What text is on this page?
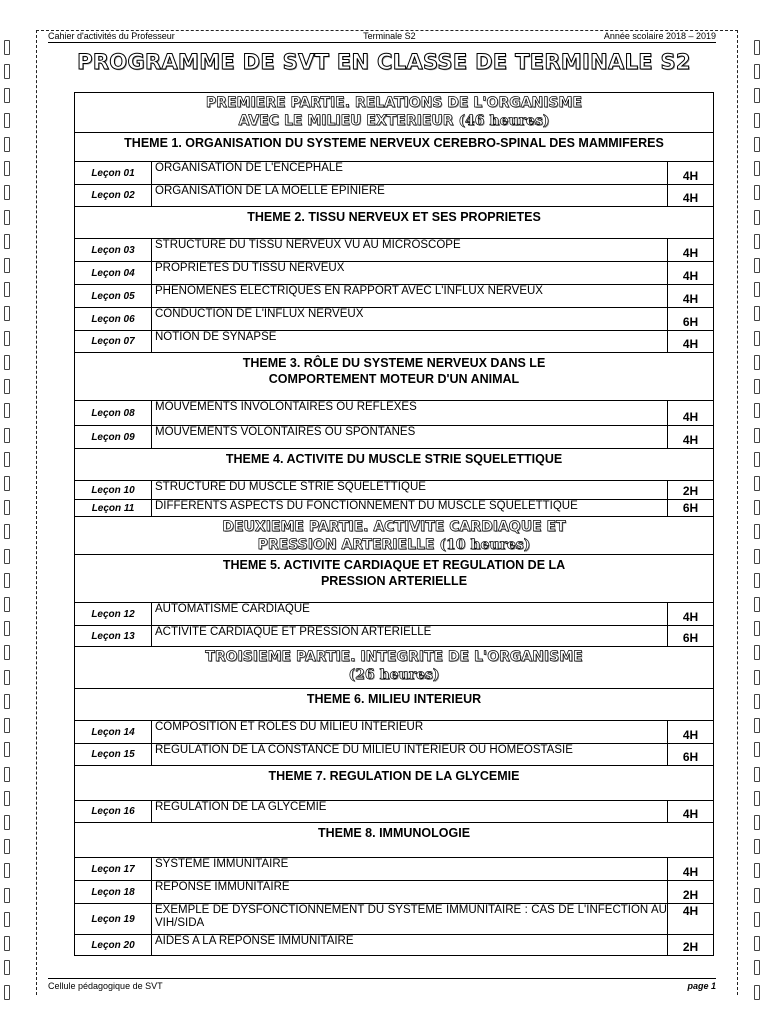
Cahier d'activités du Professeur	Terminale S2	Année scolaire 2018 – 2019
PROGRAMME DE SVT EN CLASSE DE TERMINALE S2
PREMIERE PARTIE. RELATIONS DE L'ORGANISME
AVEC LE MILIEU EXTERIEUR (46 heures)		

THEME 1. ORGANISATION DU SYSTEME NERVEUX CEREBRO-SPINAL DES MAMMIFERES		
Leçon 01	ORGANISATION DE L'ENCEPHALE	4H
Leçon 02	ORGANISATION DE LA MOELLE EPINIERE	4H
THEME 2. TISSU NERVEUX ET SES PROPRIETES		
Leçon 03	STRUCTURE DU TISSU NERVEUX VU AU MICROSCOPE	4H
Leçon 04	PROPRIETES DU TISSU NERVEUX	4H
Leçon 05	PHENOMENES ELECTRIQUES EN RAPPORT AVEC L'INFLUX NERVEUX	4H
Leçon 06	CONDUCTION DE L'INFLUX NERVEUX	6H
Leçon 07	NOTION DE SYNAPSE	4H

THEME 3. RÔLE DU SYSTEME NERVEUX DANS LE
COMPORTEMENT MOTEUR D'UN ANIMAL		

Leçon 08	MOUVEMENTS INVOLONTAIRES OU REFLEXES	4H
Leçon 09	MOUVEMENTS VOLONTAIRES OU SPONTANES	4H
THEME 4. ACTIVITE DU MUSCLE STRIE SQUELETTIQUE		
Leçon 10	STRUCTURE DU MUSCLE STRIE SQUELETTIQUE	2H
Leçon 11	DIFFERENTS ASPECTS DU FONCTIONNEMENT DU MUSCLE SQUELETTIQUE	6H

DEUXIEME PARTIE. ACTIVITE CARDIAQUE ET
PRESSION ARTERIELLE (10 heures)		

THEME 5. ACTIVITE CARDIAQUE ET REGULATION DE LA
PRESSION ARTERIELLE		

Leçon 12	AUTOMATISME CARDIAQUE	4H
Leçon 13	ACTIVITE CARDIAQUE ET PRESSION ARTERIELLE	6H

TROISIEME PARTIE. INTEGRITE DE L'ORGANISME
(26 heures)		

THEME 6. MILIEU INTERIEUR		
Leçon 14	COMPOSITION ET ROLES DU MILIEU INTERIEUR	4H
Leçon 15	REGULATION DE LA CONSTANCE DU MILIEU INTERIEUR OU HOMEOSTASIE	6H
THEME 7. REGULATION DE LA GLYCEMIE		
Leçon 16	REGULATION DE LA GLYCEMIE	4H
THEME 8. IMMUNOLOGIE		
Leçon 17	SYSTEME IMMUNITAIRE	4H
Leçon 18	REPONSE IMMUNITAIRE	2H
Leçon 19	EXEMPLE DE DYSFONCTIONNEMENT DU SYSTEME IMMUNITAIRE : CAS DE L'INFECTION AU VIH/SIDA	4H
Leçon 20	AIDES A LA REPONSE IMMUNITAIRE	2H
Cellule pédagogique de SVT	page 1
